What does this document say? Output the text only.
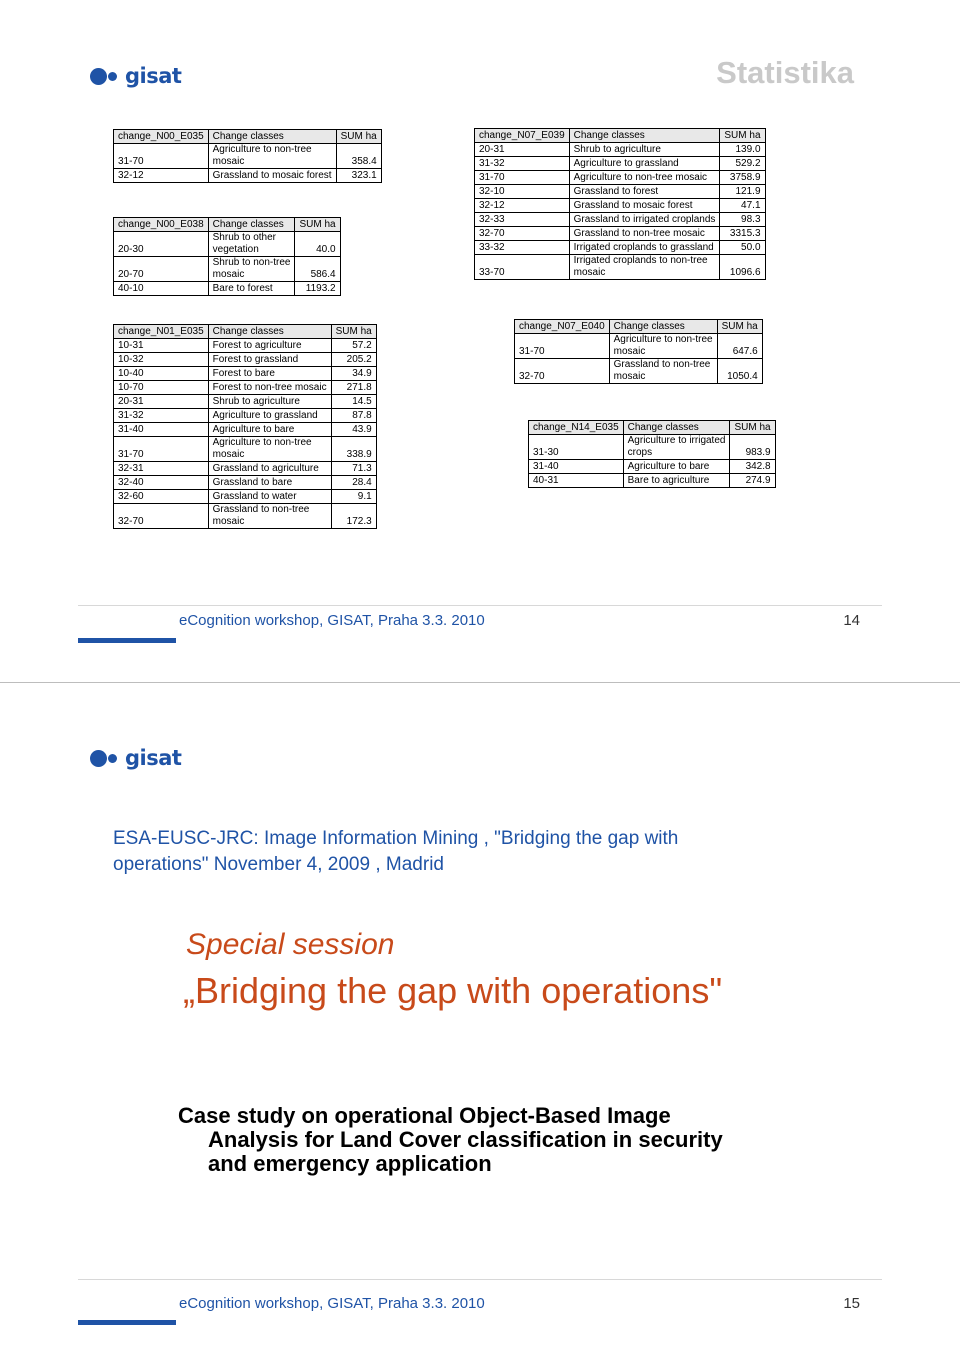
gisat	Statistika
change_N00_E035	Change classes	SUM ha

31-70	Agriculture to non-tree
mosaic	358.4

32-12	Grassland to mosaic forest	323.1
change_N00_E038	Change classes	SUM ha

20-30	Shrub to other
vegetation	40.0

20-70	Shrub to non-tree
mosaic	586.4

40-10	Bare to forest	1193.2
change_N01_E035	Change classes	SUM ha

10-31	Forest to agriculture	57.2

10-32	Forest to grassland	205.2

10-40	Forest to bare	34.9

10-70	Forest to non-tree mosaic	271.8

20-31	Shrub to agriculture	14.5

31-32	Agriculture to grassland	87.8

31-40	Agriculture to bare	43.9

31-70	Agriculture to non-tree
mosaic	338.9

32-31	Grassland to agriculture	71.3

32-40	Grassland to bare	28.4

32-60	Grassland to water	9.1

32-70	Grassland to non-tree
mosaic	172.3
change_N07_E039	Change classes	SUM ha

20-31	Shrub to agriculture	139.0

31-32	Agriculture to grassland	529.2

31-70	Agriculture to non-tree mosaic	3758.9

32-10	Grassland to forest	121.9

32-12	Grassland to mosaic forest	47.1

32-33	Grassland to irrigated croplands	98.3

32-70	Grassland to non-tree mosaic	3315.3

33-32	Irrigated croplands to grassland	50.0

33-70	Irrigated croplands to non-tree
mosaic	1096.6
change_N07_E040	Change classes	SUM ha

31-70	Agriculture to non-tree
mosaic	647.6

32-70	Grassland to non-tree
mosaic	1050.4
change_N14_E035	Change classes	SUM ha

31-30	Agriculture to irrigated
crops	983.9

31-40	Agriculture to bare	342.8

40-31	Bare to agriculture	274.9
eCognition workshop, GISAT, Praha 3.3. 2010	14
gisat
ESA-EUSC-JRC: Image Information Mining , "Bridging the gap with
operations" November 4, 2009 , Madrid
Special session
„Bridging the gap with operations"
Case study on operational Object-Based Image
Analysis for Land Cover classification in security
and emergency application
eCognition workshop, GISAT, Praha 3.3. 2010	15
